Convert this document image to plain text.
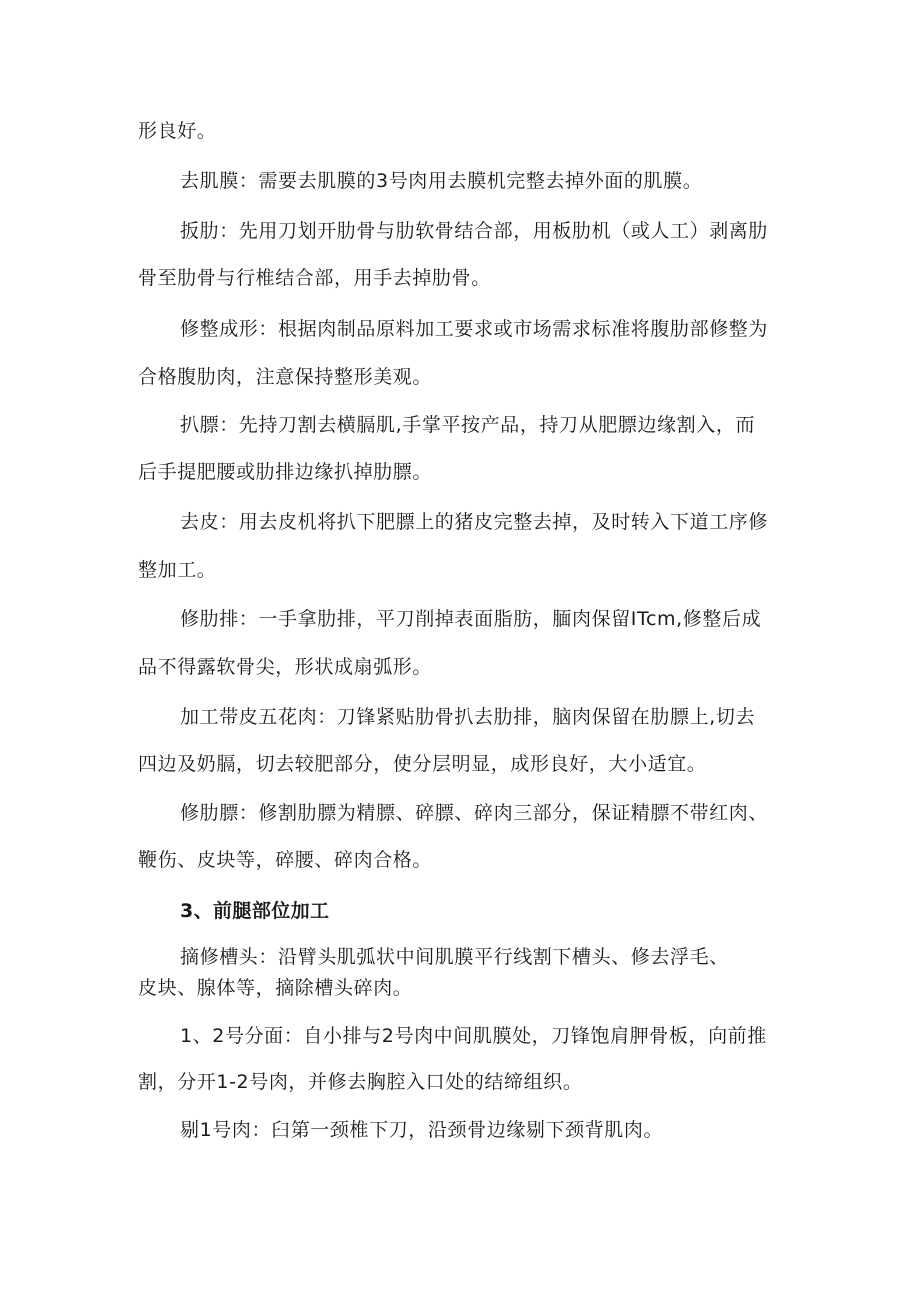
形良好。
去肌膜：需要去肌膜的3号肉用去膜机完整去掉外面的肌膜。
扳肋：先用刀划开肋骨与肋软骨结合部，用板肋机（或人工）剥离肋
骨至肋骨与行椎结合部，用手去掉肋骨。
修整成形：根据肉制品原料加工要求或市场需求标准将腹肋部修整为
合格腹肋肉，注意保持整形美观。
扒膘：先持刀割去横膈肌,手掌平按产品，持刀从肥膘边缘割入，而
后手提肥腰或肋排边缘扒掉肋膘。
去皮：用去皮机将扒下肥膘上的猪皮完整去掉，及时转入下道工序修
整加工。
修肋排：一手拿肋排，平刀削掉表面脂肪，腼肉保留ITcm,修整后成
品不得露软骨尖，形状成扇弧形。
加工带皮五花肉：刀锋紧贴肋骨扒去肋排，脑肉保留在肋膘上,切去
四边及奶膈，切去较肥部分，使分层明显，成形良好，大小适宜。
修肋膘：修割肋膘为精膘、碎膘、碎肉三部分，保证精膘不带红肉、
鞭伤、皮块等，碎腰、碎肉合格。
3、前腿部位加工
摘修槽头：沿臂头肌弧状中间肌膜平行线割下槽头、修去浮毛、
皮块、腺体等，摘除槽头碎肉。
1、2号分面：自小排与2号肉中间肌膜处，刀锋饱肩胛骨板，向前推
割，分开1-2号肉，并修去胸腔入口处的结缔组织。
剔1号肉：臼第一颈椎下刀，沿颈骨边缘剔下颈背肌肉。
